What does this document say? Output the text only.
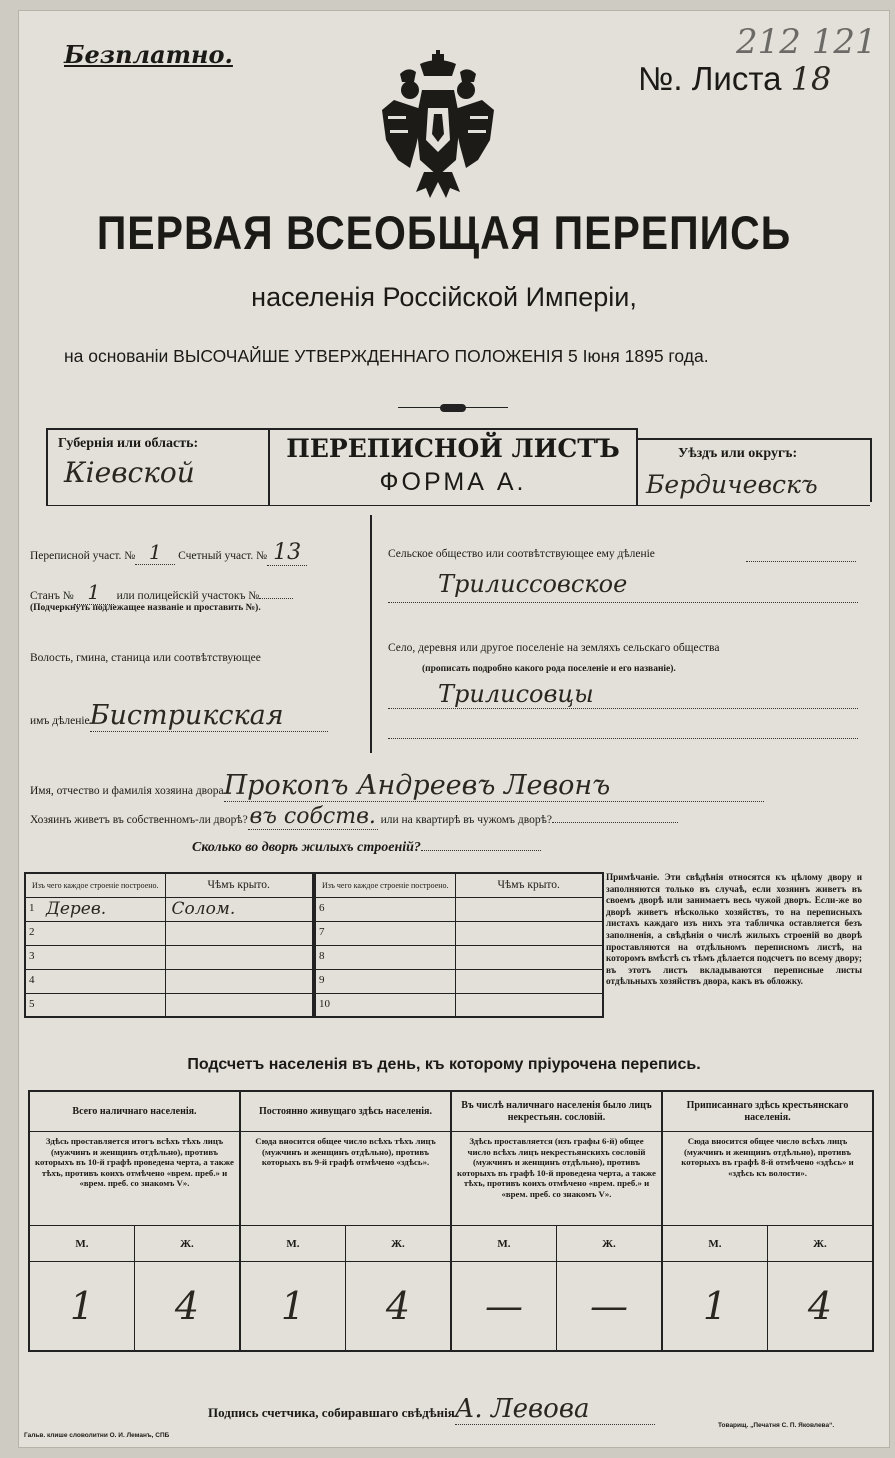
Безплатно.
№. Листа 18
212 121
ПЕРВАЯ ВСЕОБЩАЯ ПЕРЕПИСЬ
населенія Россійской Имперіи,
на основаніи ВЫСОЧАЙШЕ УТВЕРЖДЕННАГО ПОЛОЖЕНІЯ 5 Іюня 1895 года.
Губернія или область:
Кіевской
ПЕРЕПИСНОЙ ЛИСТЪ
ФОРМА А.
Уѣздъ или округъ:
Бердичевскъ
Переписной участ. № 1 Счетный участ. № 13
Станъ № 1 или полицейскій участокъ №
(Подчеркнуть подлежащее названіе и проставить №).
Волость, гмина, станица или соотвѣтствующее
имъ дѣленіеБистрикская
Сельское общество или соотвѣтствующее ему дѣленіе
Трилиссовское
Село, деревня или другое поселеніе на земляхъ сельскаго общества
(прописать подробно какого рода поселеніе и его названіе).
Трилисовцы
Имя, отчество и фамилія хозяина двораПрокопъ Андреевъ Левонъ
Хозяинъ живетъ въ собственномъ-ли дворѣ?въ собств. или на квартирѣ въ чужомъ дворѣ?
Сколько во дворѣ жилыхъ строеній?
Изъ чего каждое строеніе построено.	Чѣмъ крыто.

1 Дерев.	Солом.

2	

3	

4	

5	

Изъ чего каждое строеніе построено.	Чѣмъ крыто.

6	

7	

8	

9	

10	

Примѣчаніе. Эти свѣдѣнія относятся къ цѣлому двору и заполняются только въ случаѣ, если хозяинъ живетъ въ своемъ дворѣ или занимаетъ весь чужой дворъ. Если-же во дворѣ живетъ нѣсколько хозяйствъ, то на переписныхъ листахъ каждаго изъ нихъ эта табличка оставляется безъ заполненія, а свѣдѣнія о числѣ жилыхъ строеній во дворѣ проставляются на отдѣльномъ переписномъ листѣ, на которомъ вмѣстѣ съ тѣмъ дѣлается подсчетъ по всему двору; въ этотъ листъ вкладываются переписные листы отдѣльныхъ хозяйствъ двора, какъ въ обложку.
Подсчетъ населенія въ день, къ которому пріурочена перепись.
Всего наличнаго населенія.
Здѣсь проставляется итогъ всѣхъ тѣхъ лицъ (мужчинъ и женщинъ отдѣльно), противъ которыхъ въ 10-й графѣ проведена черта, а также тѣхъ, противъ коихъ отмѣчено «врем. преб.» и «врем. преб. со знакомъ V».
М.	Ж.
1	4
Постоянно живущаго здѣсь населенія.
Сюда вносится общее число всѣхъ тѣхъ лицъ (мужчинъ и женщинъ отдѣльно), противъ которыхъ въ 9-й графѣ отмѣчено «здѣсь».
М.	Ж.
1	4
Въ числѣ наличнаго населенія было лицъ некрестьян. сословій.
Здѣсь проставляется (изъ графы 6-й) общее число всѣхъ лицъ некрестьянскихъ сословій (мужчинъ и женщинъ отдѣльно), противъ которыхъ въ графѣ 10-й проведена черта, а также тѣхъ, противъ коихъ отмѣчено «врем. преб.» и «врем. преб. со знакомъ V».
М.	Ж.
—	—
Приписаннаго здѣсь крестьянскаго населенія.
Сюда вносится общее число всѣхъ лицъ (мужчинъ и женщинъ отдѣльно), противъ которыхъ въ графѣ 8-й отмѣчено «здѣсь» и «здѣсь къ волости».
М.	Ж.
1	4
Подпись счетчика, собиравшаго свѣдѣніяА. Левова
Гальв. клише словолитни О. И. Леманъ, СПБ
Товарищ. „Печатня С. П. Яковлева“.
